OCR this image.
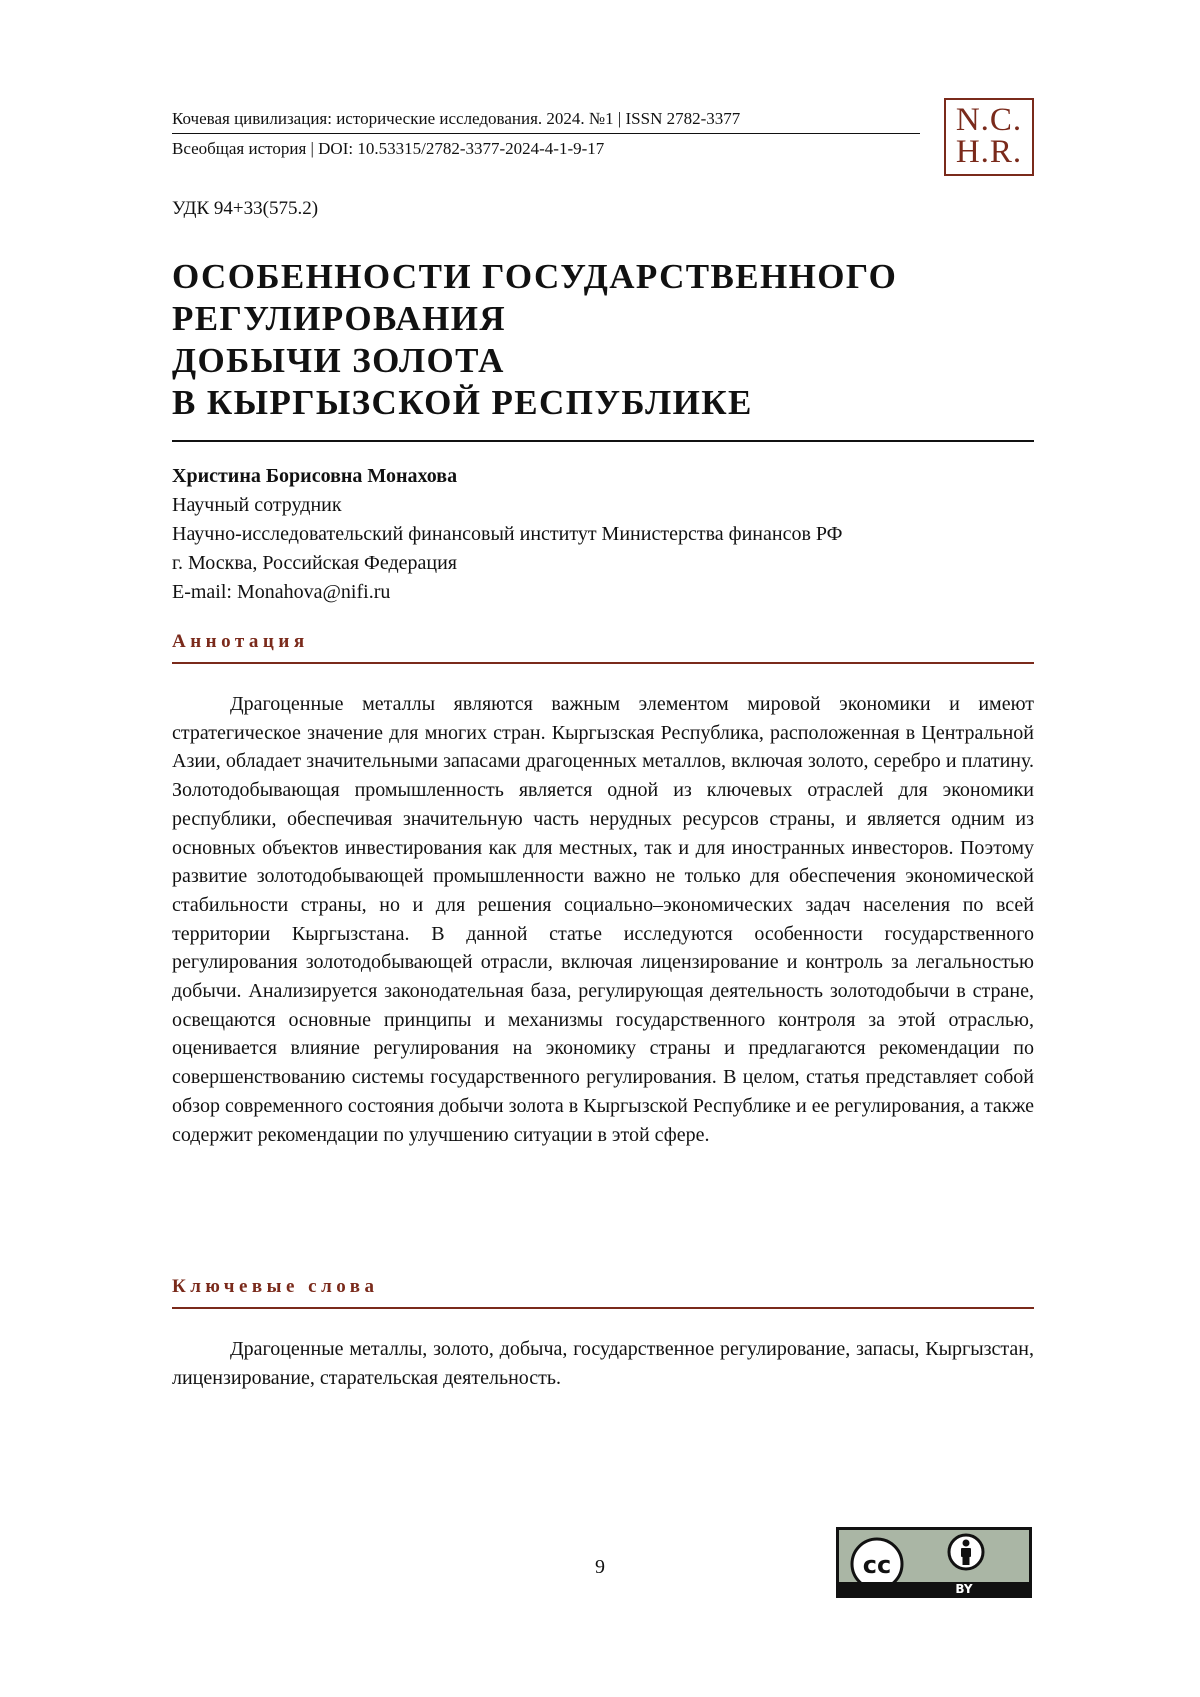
Кочевая цивилизация: исторические исследования. 2024. №1 | ISSN 2782-3377
Всеобщая история | DOI: 10.53315/2782-3377-2024-4-1-9-17
N.C.
H.R.
УДК 94+33(575.2)
ОСОБЕННОСТИ ГОСУДАРСТВЕННОГО
РЕГУЛИРОВАНИЯ
ДОБЫЧИ ЗОЛОТА
В КЫРГЫЗСКОЙ РЕСПУБЛИКЕ
Христина Борисовна Монахова
Научный сотрудник
Научно-исследовательский финансовый институт Министерства финансов РФ
г. Москва, Российская Федерация
E-mail: Monahova@nifi.ru
Аннотация

Драгоценные металлы являются важным элементом мировой экономики и имеют стратегическое значение для многих стран. Кыргызская Республика, расположенная в Центральной Азии, обладает значительными запасами драгоценных металлов, включая золото, серебро и платину. Золотодобывающая промышленность является одной из ключевых отраслей для экономики республики, обеспечивая значительную часть нерудных ресурсов страны, и является одним из основных объектов инвестирования как для местных, так и для иностранных инвесторов. Поэтому развитие золотодобывающей промышленности важно не только для обеспечения экономической стабильности страны, но и для решения социально–экономических задач населения по всей территории Кыргызстана. В данной статье исследуются особенности государственного регулирования золотодобывающей отрасли, включая лицензирование и контроль за легальностью добычи. Анализируется законодательная база, регулирующая деятельность золотодобычи в стране, освещаются основные принципы и механизмы государственного контроля за этой отраслью, оценивается влияние регулирования на экономику страны и предлагаются рекомендации по совершенствованию системы государственного регулирования. В целом, статья представляет собой обзор современного состояния добычи золота в Кыргызской Республике и ее регулирования, а также содержит рекомендации по улучшению ситуации в этой сфере.

Ключевые слова

Драгоценные металлы, золото, добыча, государственное регулирование, запасы, Кыргызстан, лицензирование, старательская деятельность.

9	cc
BY
